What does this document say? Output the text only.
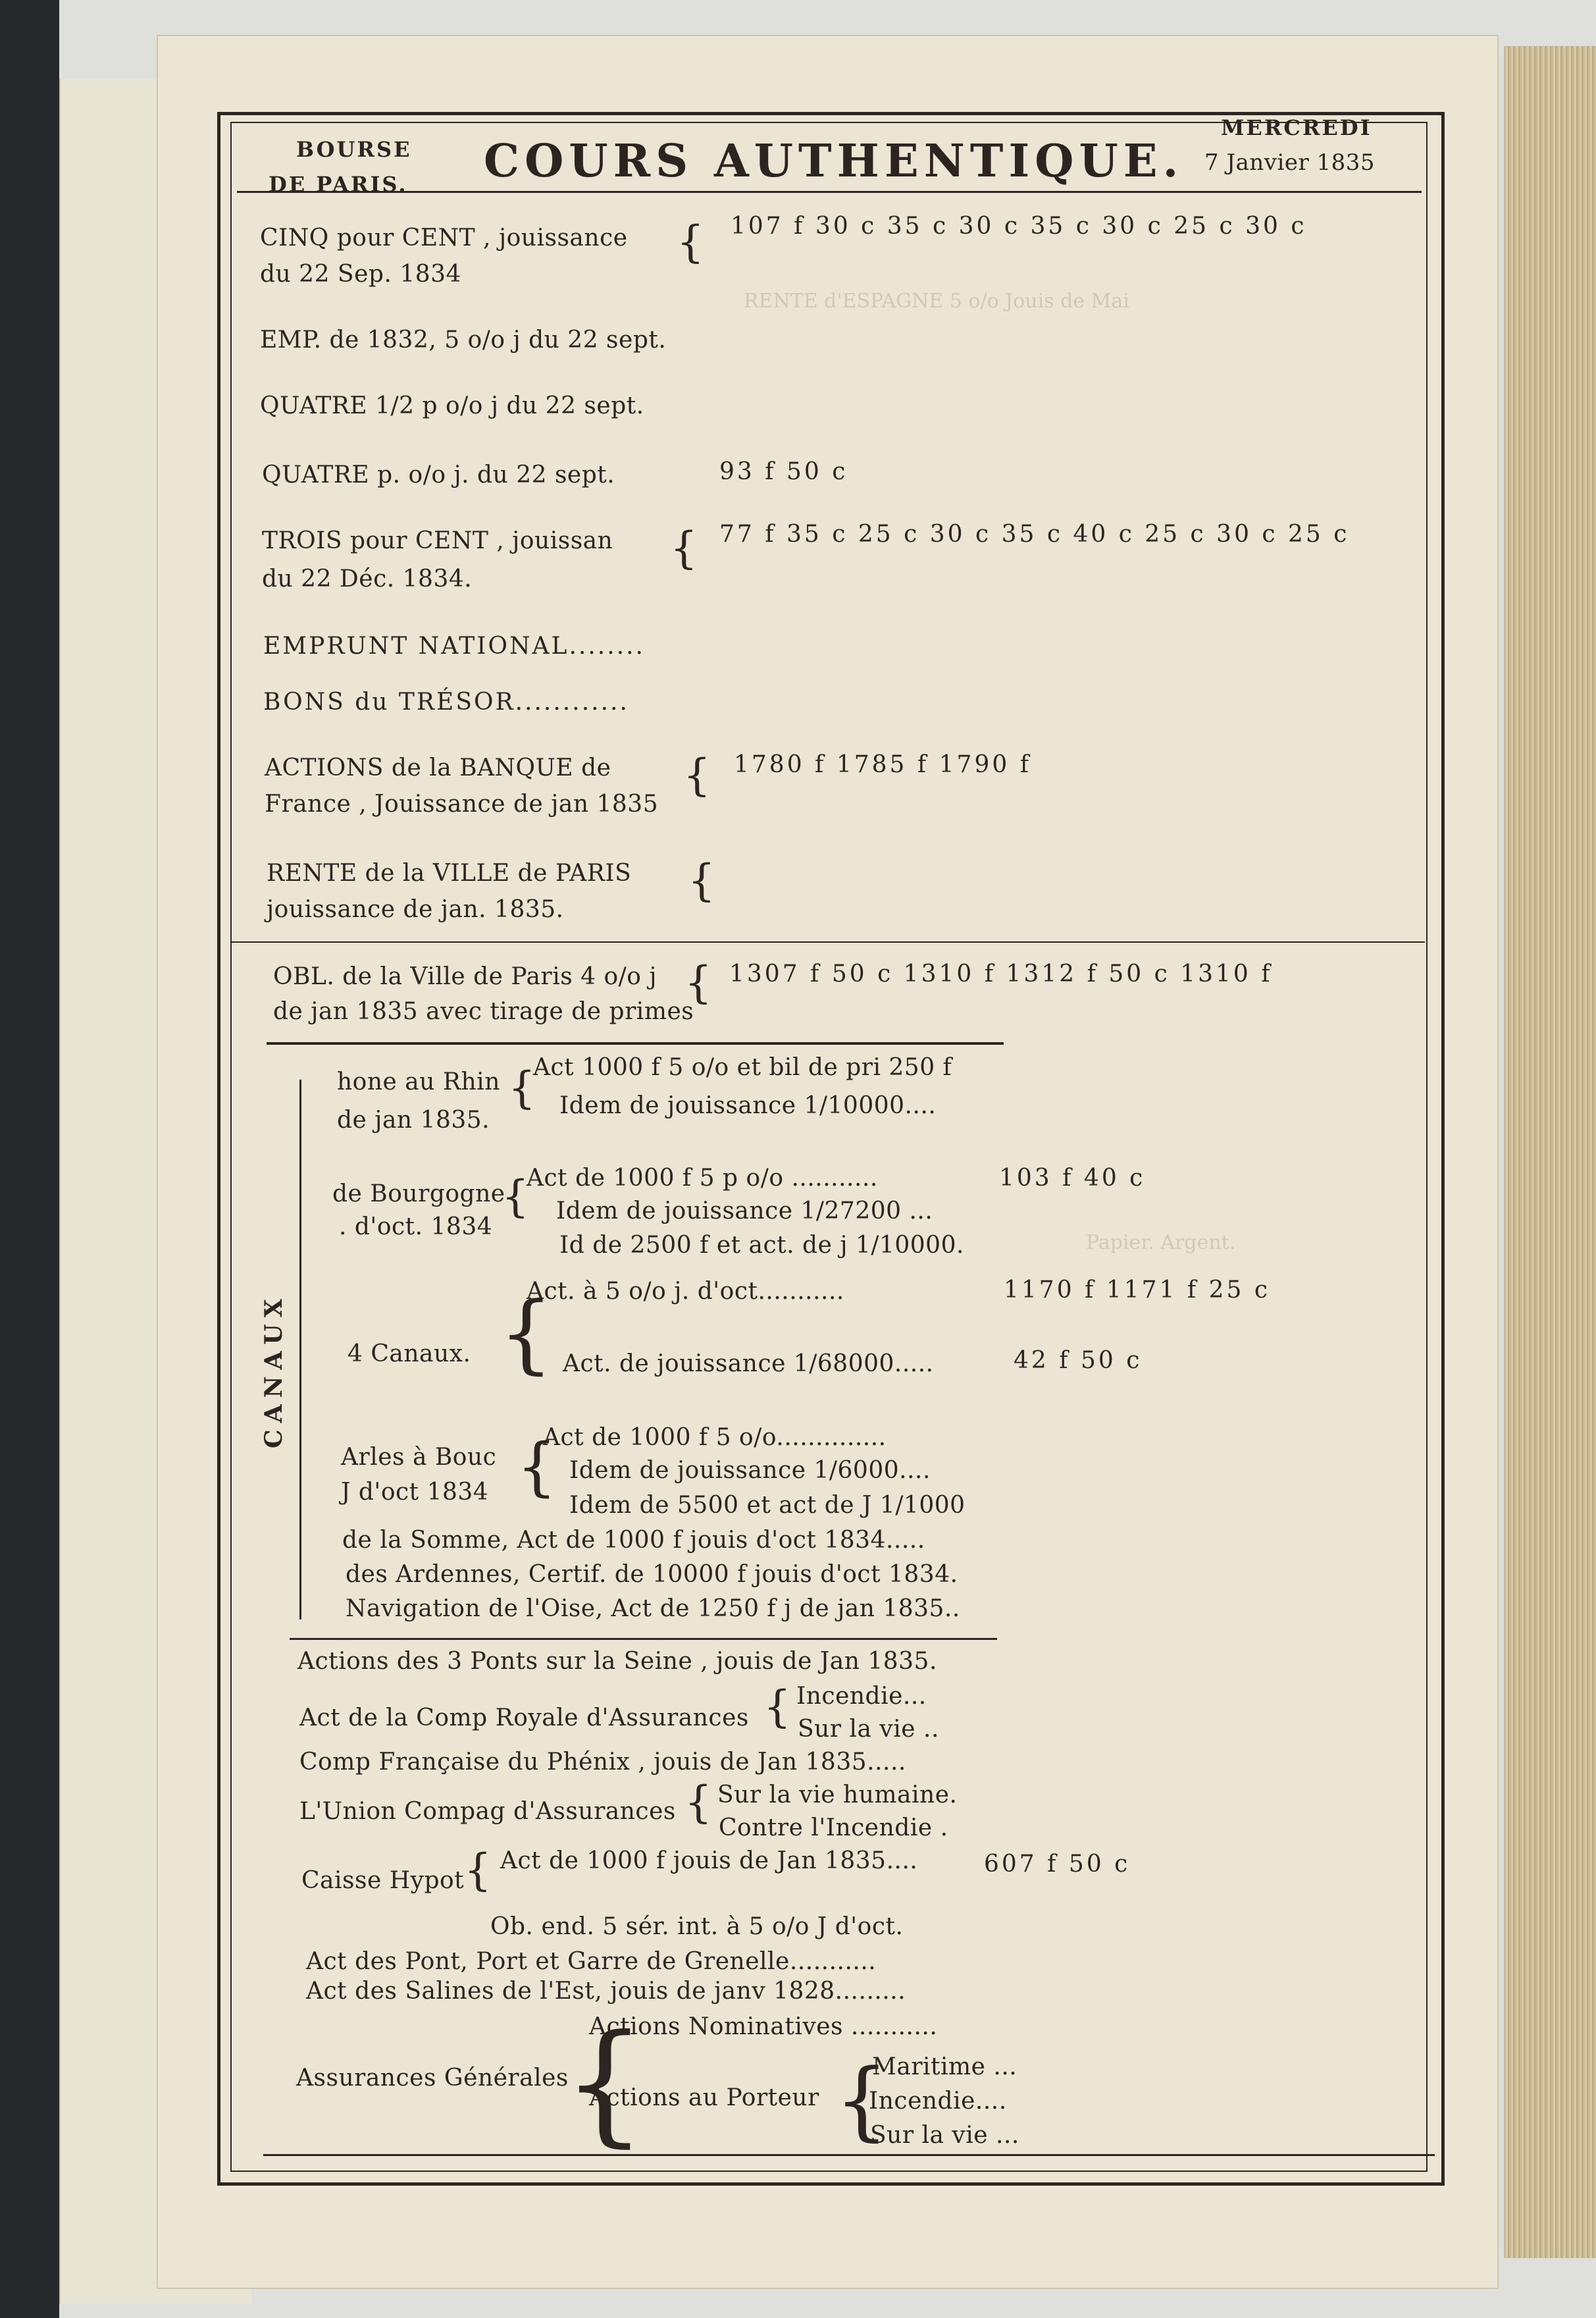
RENTE d'ESPAGNE 5 o/o Jouis de Mai
Papier. Argent.
BOURSE
DE PARIS. COURS AUTHENTIQUE.
MERCREDI
7 Janvier 1835
CINQ pour CENT , jouissance
du 22 Sep. 1834
{ 107 f 30 c 35 c 30 c 35 c 30 c 25 c 30 c
EMP. de 1832, 5 o/o j du 22 sept.
QUATRE 1/2 p o/o j du 22 sept.
QUATRE p. o/o j. du 22 sept.	93 f 50 c
TROIS pour CENT , jouissan
du 22 Déc. 1834.
{ 77 f 35 c 25 c 30 c 35 c 40 c 25 c 30 c 25 c
EMPRUNT NATIONAL........
BONS du TRÉSOR............
ACTIONS de la BANQUE de
France , Jouissance de jan 1835
{ 1780 f 1785 f 1790 f
RENTE de la VILLE de PARIS
jouissance de jan. 1835.
{
OBL. de la Ville de Paris 4 o/o j
de jan 1835 avec tirage de primes
{ 1307 f 50 c 1310 f 1312 f 50 c 1310 f
CANAUX
hone au Rhin
de jan 1835.
{
Act 1000 f 5 o/o et bil de pri 250 f
Idem de jouissance 1/10000....
de Bourgogne
. d'oct. 1834
{
Act de 1000 f 5 p o/o ...........	103 f 40 c
Idem de jouissance 1/27200 ...
Id de 2500 f et act. de j 1/10000.
4 Canaux. {
Act. à 5 o/o j. d'oct...........	1170 f 1171 f 25 c
Act. de jouissance 1/68000.....	42 f 50 c
Arles à Bouc
J d'oct 1834 {
Act de 1000 f 5 o/o..............
Idem de jouissance 1/6000....
Idem de 5500 et act de J 1/1000
de la Somme, Act de 1000 f jouis d'oct 1834.....
des Ardennes, Certif. de 10000 f jouis d'oct 1834.
Navigation de l'Oise, Act de 1250 f j de jan 1835..
Actions des 3 Ponts sur la Seine , jouis de Jan 1835.
Act de la Comp Royale d'Assurances { Incendie...
Sur la vie ..
Comp Française du Phénix , jouis de Jan 1835.....
L'Union Compag d'Assurances { Sur la vie humaine.
Contre l'Incendie .
Caisse Hypot { Act de 1000 f jouis de Jan 1835....	607 f 50 c
Ob. end. 5 sér. int. à 5 o/o J d'oct.
Act des Pont, Port et Garre de Grenelle...........
Act des Salines de l'Est, jouis de janv 1828.........
Assurances Générales
{
Actions Nominatives ...........
Actions au Porteur {
Maritime ...
Incendie....
Sur la vie ...
